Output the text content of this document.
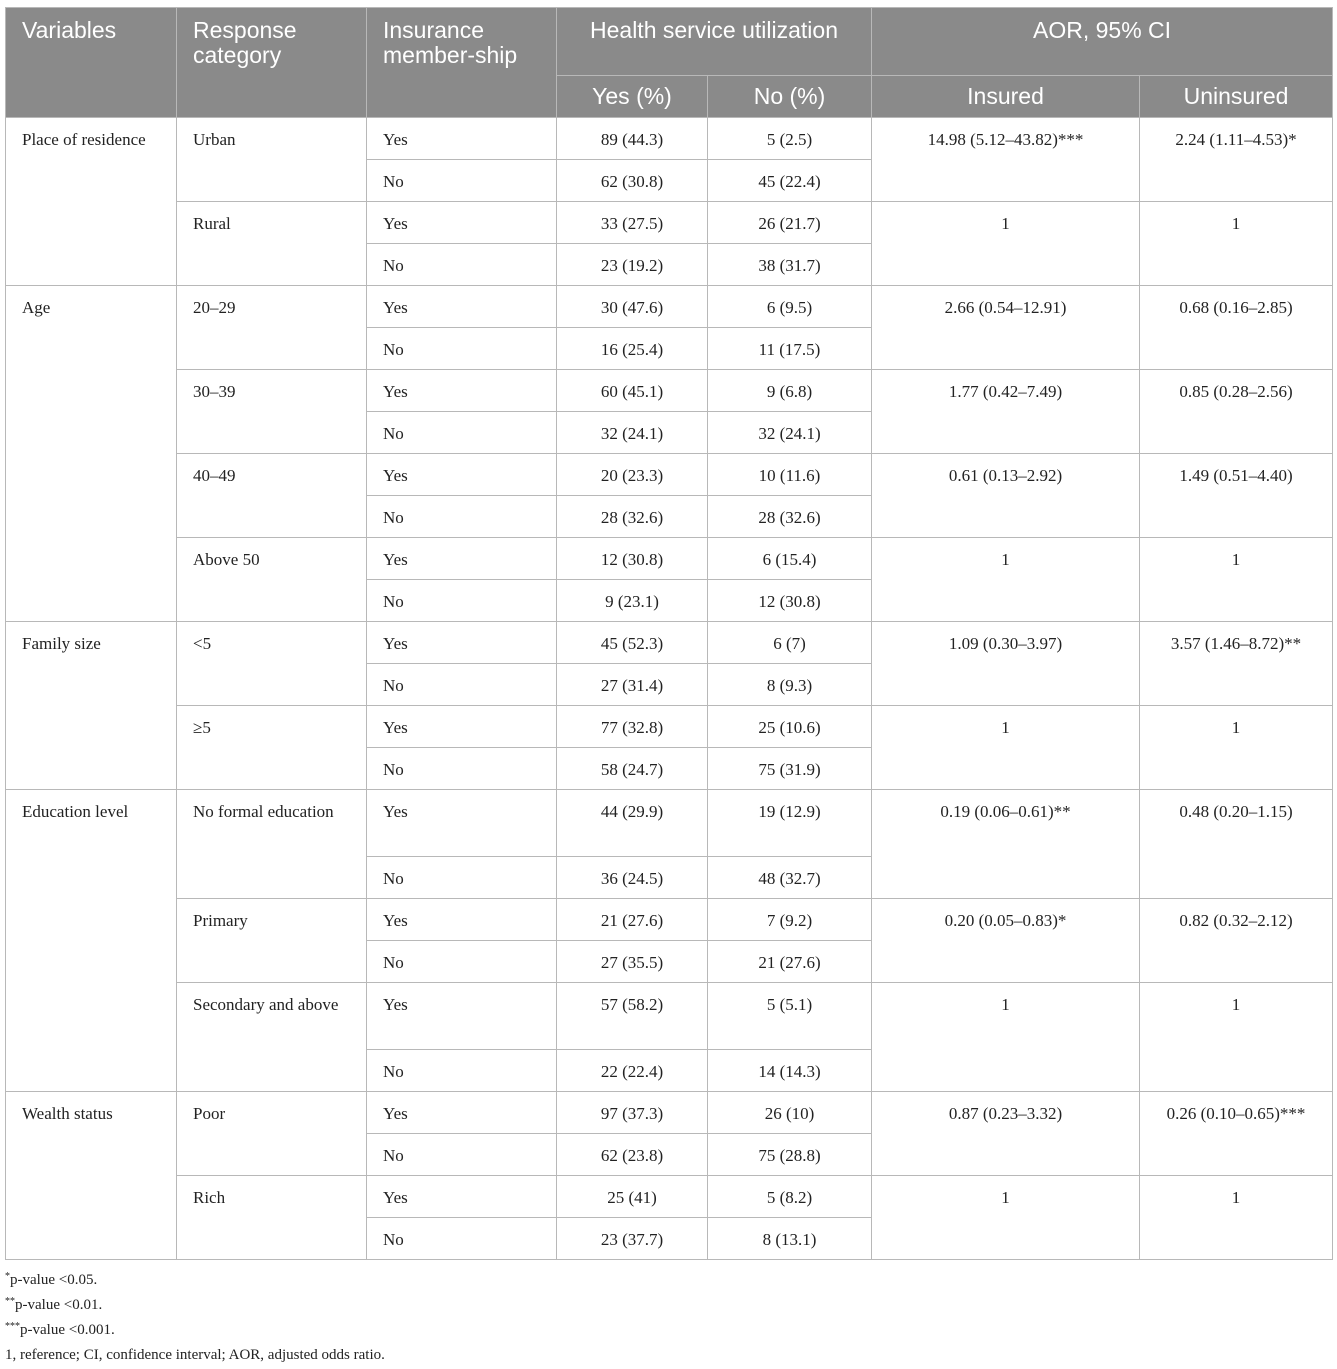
Variables	Response category	Insurance member-ship	Health service utilization		AOR, 95% CI	
			Yes (%)	No (%)	Insured	Uninsured
Place of residence	Urban	Yes	89 (44.3)	5 (2.5)	14.98 (5.12–43.82)***	2.24 (1.11–4.53)*
		No	62 (30.8)	45 (22.4)		
	Rural	Yes	33 (27.5)	26 (21.7)	1	1
		No	23 (19.2)	38 (31.7)		
Age	20–29	Yes	30 (47.6)	6 (9.5)	2.66 (0.54–12.91)	0.68 (0.16–2.85)
		No	16 (25.4)	11 (17.5)		
	30–39	Yes	60 (45.1)	9 (6.8)	1.77 (0.42–7.49)	0.85 (0.28–2.56)
		No	32 (24.1)	32 (24.1)		
	40–49	Yes	20 (23.3)	10 (11.6)	0.61 (0.13–2.92)	1.49 (0.51–4.40)
		No	28 (32.6)	28 (32.6)		
	Above 50	Yes	12 (30.8)	6 (15.4)	1	1
		No	9 (23.1)	12 (30.8)		
Family size	<5	Yes	45 (52.3)	6 (7)	1.09 (0.30–3.97)	3.57 (1.46–8.72)**
		No	27 (31.4)	8 (9.3)		
	≥5	Yes	77 (32.8)	25 (10.6)	1	1
		No	58 (24.7)	75 (31.9)		
Education level	No formal education	Yes	44 (29.9)	19 (12.9)	0.19 (0.06–0.61)**	0.48 (0.20–1.15)
		No	36 (24.5)	48 (32.7)		
	Primary	Yes	21 (27.6)	7 (9.2)	0.20 (0.05–0.83)*	0.82 (0.32–2.12)
		No	27 (35.5)	21 (27.6)		
	Secondary and above	Yes	57 (58.2)	5 (5.1)	1	1
		No	22 (22.4)	14 (14.3)		
Wealth status	Poor	Yes	97 (37.3)	26 (10)	0.87 (0.23–3.32)	0.26 (0.10–0.65)***
		No	62 (23.8)	75 (28.8)		
	Rich	Yes	25 (41)	5 (8.2)	1	1
		No	23 (37.7)	8 (13.1)		
*p-value <0.05.
**p-value <0.01.
***p-value <0.001.
1, reference; CI, confidence interval; AOR, adjusted odds ratio.
